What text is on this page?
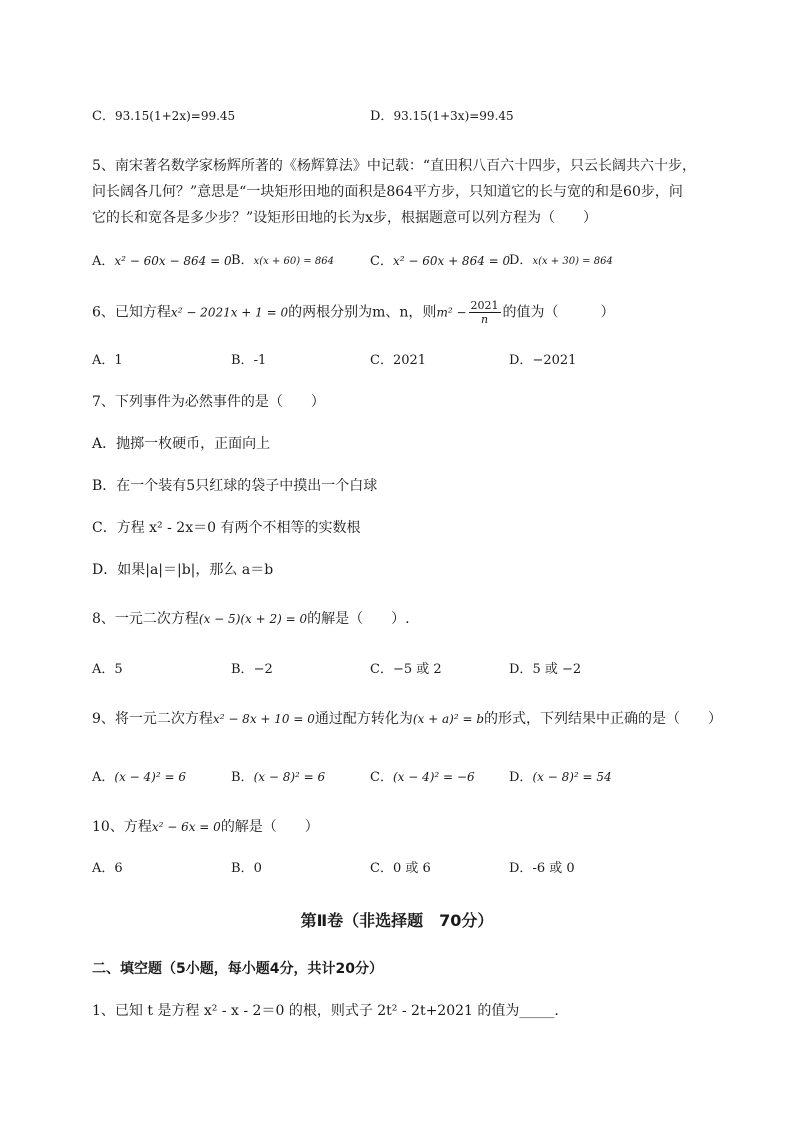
C．93.15(1+2x)=99.45	D．93.15(1+3x)=99.45
5、南宋著名数学家杨辉所著的《杨辉算法》中记载：“直田积八百六十四步，只云长阔共六十步，
问长阔各几何？”意思是“一块矩形田地的面积是864平方步，只知道它的长与宽的和是60步，问
它的长和宽各是多少步？”设矩形田地的长为x步，根据题意可以列方程为（　　）
A．x² − 60x − 864 = 0 B．x(x + 60) = 864	C．x² − 60x + 864 = 0
D．x(x + 30) = 864
6、已知方程x² − 2021x + 1 = 0的两根分别为m、n，则$m^2 - \frac{2021}{n}$ 的值为（　　　）
A．1	B．-1	C．2021	D．−2021
7、下列事件为必然事件的是（　　）
A．抛掷一枚硬币，正面向上
B．在一个装有5只红球的袋子中摸出一个白球
C．方程 x² - 2x＝0 有两个不相等的实数根
D．如果|a|＝|b|，那么 a＝b
8、一元二次方程(x − 5)(x + 2) = 0的解是（　　）.
A．5	B．−2	C．−5 或 2	D．5 或 −2
9、将一元二次方程x² − 8x + 10 = 0通过配方转化为(x + a)² = b的形式，下列结果中正确的是（　　）
A．(x − 4)² = 6	B．(x − 8)² = 6	C．(x − 4)² = −6	D．(x − 8)² = 54
10、方程x² − 6x = 0的解是（　　）
A．6	B．0	C．0 或 6	D．-6 或 0
第Ⅱ卷（非选择题　70分）
二、填空题（5小题，每小题4分，共计20分）
1、已知 t 是方程 x² - x - 2＝0 的根，则式子 2t² - 2t+2021 的值为_____.
